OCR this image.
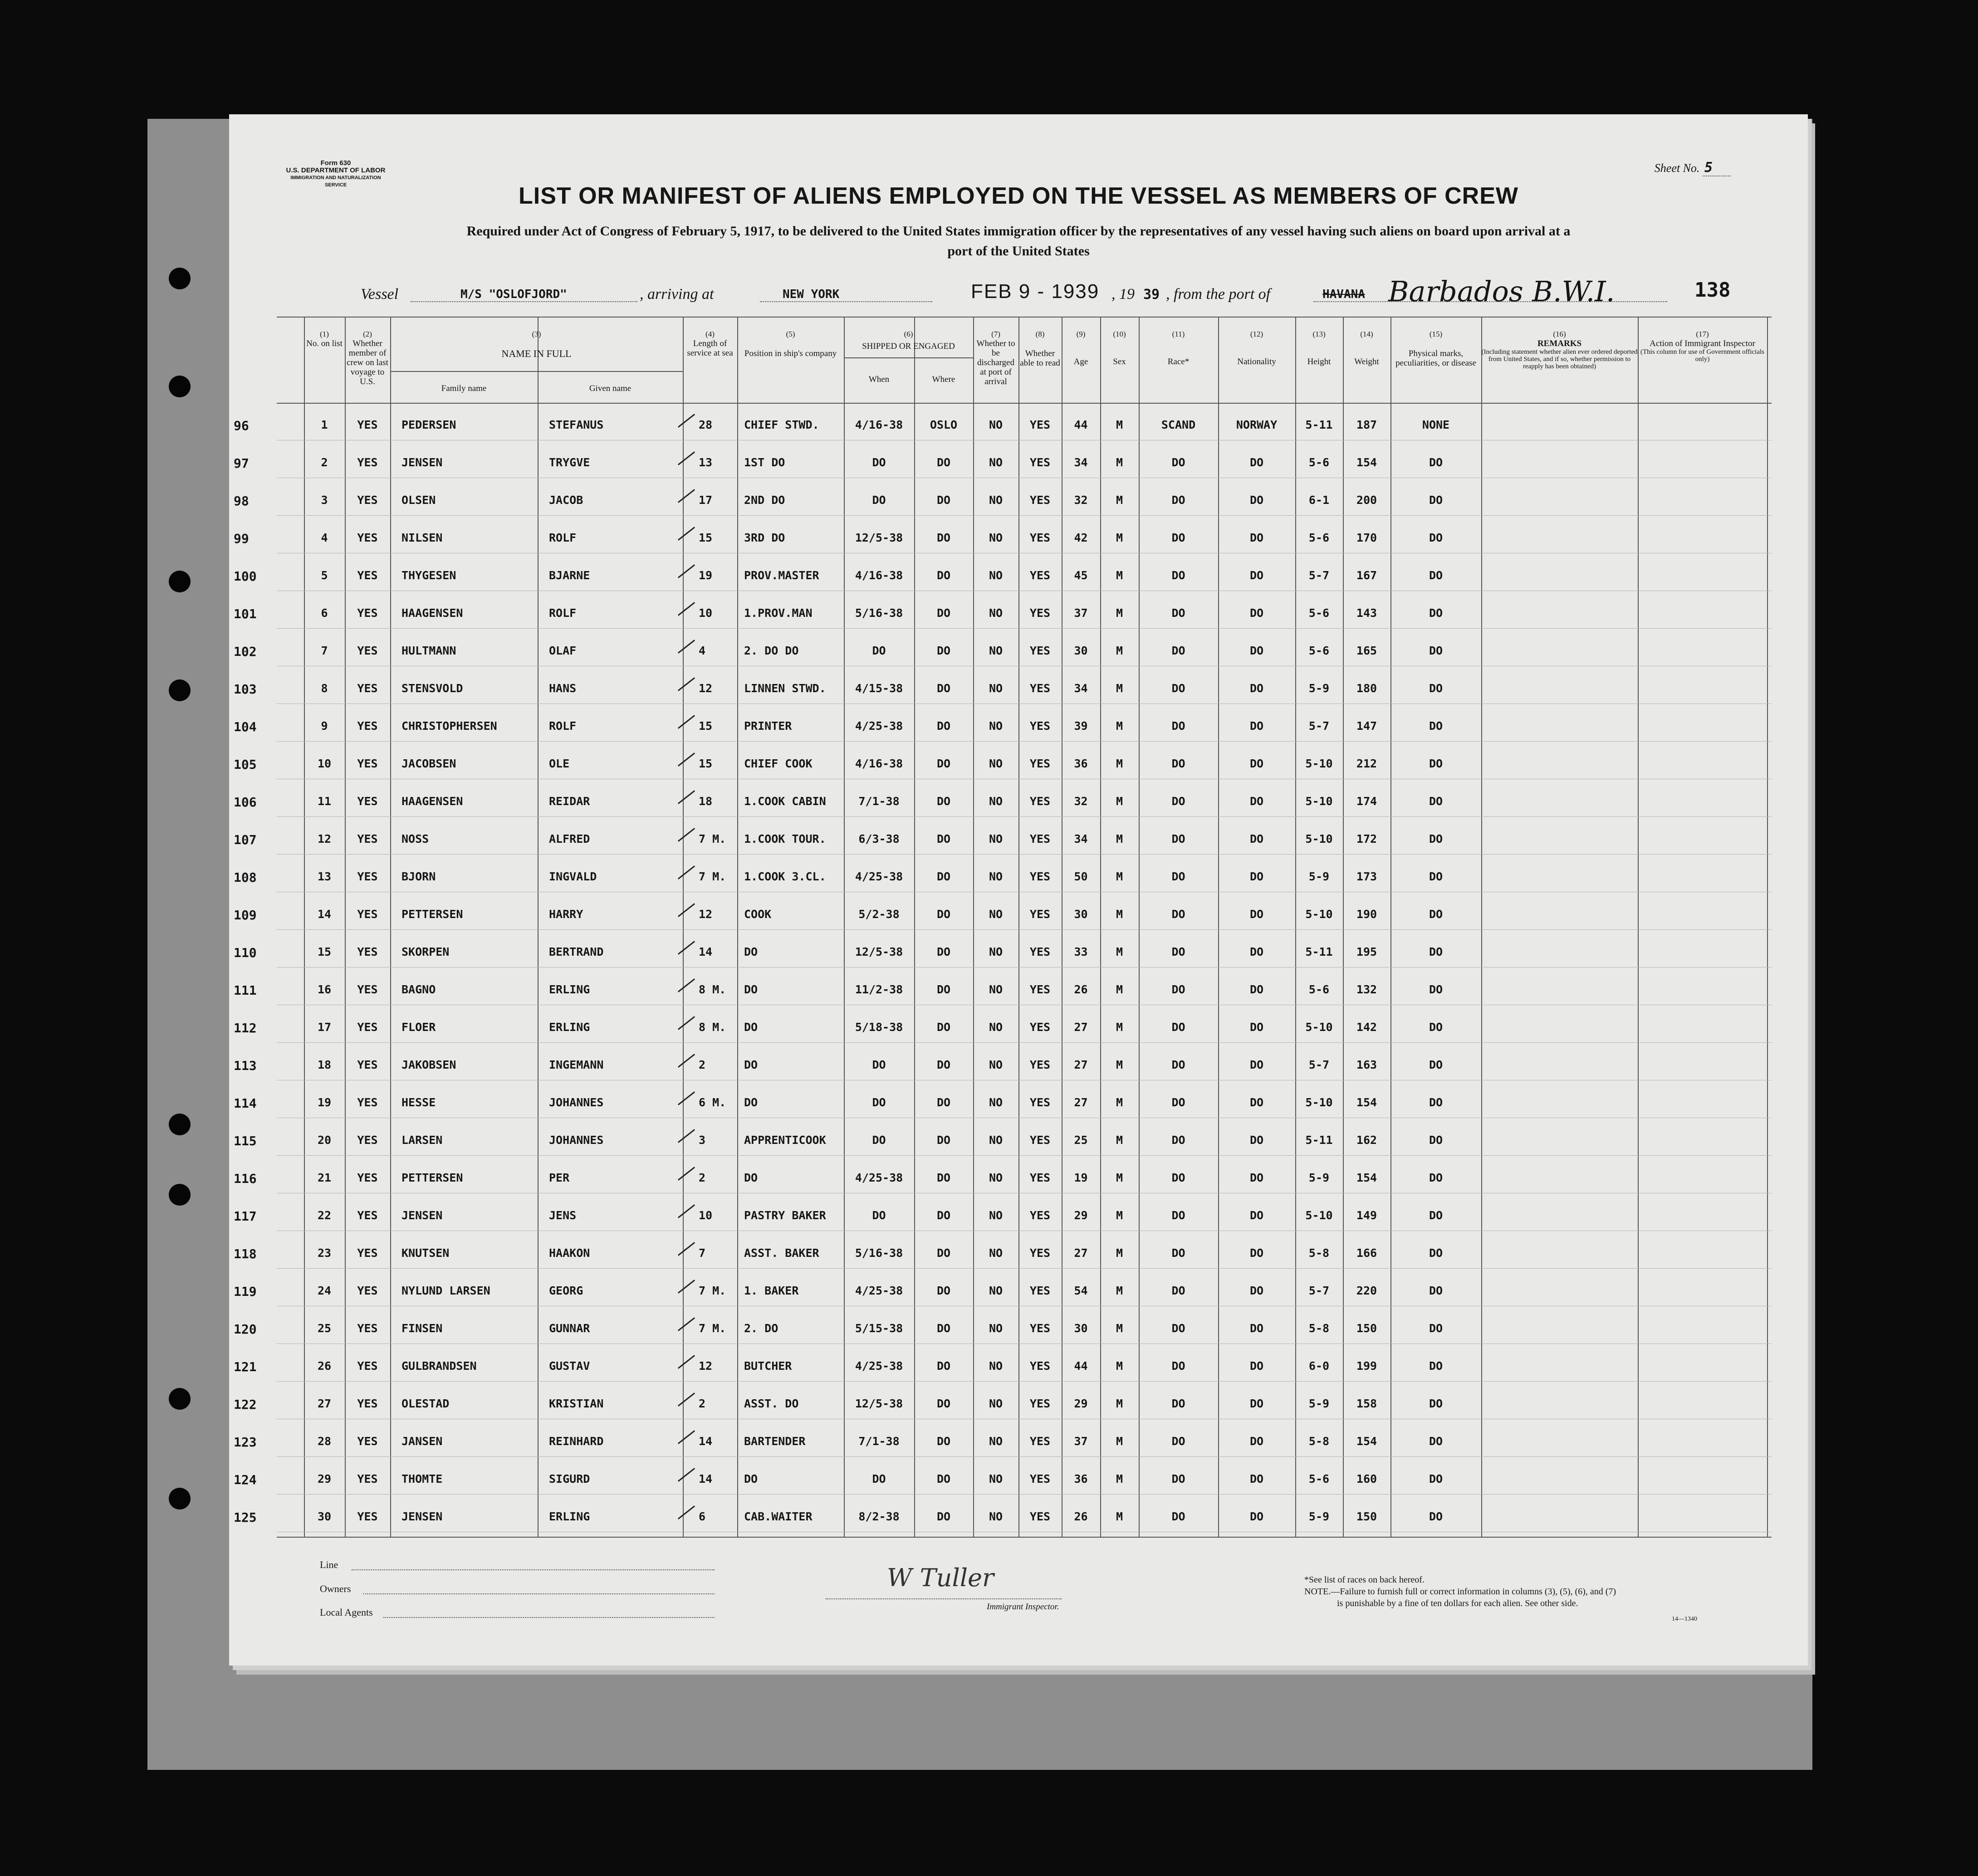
Form 630
U.S. DEPARTMENT OF LABOR
IMMIGRATION AND NATURALIZATION SERVICE
Sheet No. 5
LIST OR MANIFEST OF ALIENS EMPLOYED ON THE VESSEL AS MEMBERS OF CREW
Required under Act of Congress of February 5, 1917, to be delivered to the United States immigration officer by the representatives of any vessel having such aliens on board upon arrival at a
port of the United States
Vessel	M/S "OSLOFJORD"	, arriving at	NEW YORK	FEB 9 - 1939 , 19 39 , from the port of	HAVANA Barbados B.W.I.	138
(1)
No. on list
(2)
Whether member of crew on last voyage to U.S.
(3)
NAME IN FULL
Family name	Given name
(4)
Length of service at sea
(5)
Position in ship's company
(6)
SHIPPED OR ENGAGED
When	Where
(7)
Whether to be discharged at port of arrival
(8)
Whether able to read
(9)
Age
(10)
Sex
(11)
Race*
(12)
Nationality
(13)
Height
(14)
Weight
(15)
Physical marks, peculiarities, or disease
(16)
REMARKS
(Including statement whether alien ever ordered deported from United States, and if so, whether permission to reapply has been obtained)
(17)
Action of Immigrant Inspector
(This column for use of Government officials only)
96	1	YES	PEDERSEN	STEFANUS	28	CHIEF STWD.	4/16-38	OSLO	NO	YES	44	M	SCAND	NORWAY	5-11	187	NONE
97	2	YES	JENSEN	TRYGVE	13	1ST DO	DO	DO	NO	YES	34	M	DO	DO	5-6	154	DO
98	3	YES	OLSEN	JACOB	17	2ND DO	DO	DO	NO	YES	32	M	DO	DO	6-1	200	DO
99	4	YES	NILSEN	ROLF	15	3RD DO	12/5-38	DO	NO	YES	42	M	DO	DO	5-6	170	DO
100	5	YES	THYGESEN	BJARNE	19	PROV.MASTER	4/16-38	DO	NO	YES	45	M	DO	DO	5-7	167	DO
101	6	YES	HAAGENSEN	ROLF	10	1.PROV.MAN	5/16-38	DO	NO	YES	37	M	DO	DO	5-6	143	DO
102	7	YES	HULTMANN	OLAF	4	2. DO DO	DO	DO	NO	YES	30	M	DO	DO	5-6	165	DO
103	8	YES	STENSVOLD	HANS	12	LINNEN STWD.	4/15-38	DO	NO	YES	34	M	DO	DO	5-9	180	DO
104	9	YES	CHRISTOPHERSEN	ROLF	15	PRINTER	4/25-38	DO	NO	YES	39	M	DO	DO	5-7	147	DO
105	10	YES	JACOBSEN	OLE	15	CHIEF COOK	4/16-38	DO	NO	YES	36	M	DO	DO	5-10	212	DO
106	11	YES	HAAGENSEN	REIDAR	18	1.COOK CABIN	7/1-38	DO	NO	YES	32	M	DO	DO	5-10	174	DO
107	12	YES	NOSS	ALFRED	7 M.	1.COOK TOUR.	6/3-38	DO	NO	YES	34	M	DO	DO	5-10	172	DO
108	13	YES	BJORN	INGVALD	7 M.	1.COOK 3.CL.	4/25-38	DO	NO	YES	50	M	DO	DO	5-9	173	DO
109	14	YES	PETTERSEN	HARRY	12	COOK	5/2-38	DO	NO	YES	30	M	DO	DO	5-10	190	DO
110	15	YES	SKORPEN	BERTRAND	14	DO	12/5-38	DO	NO	YES	33	M	DO	DO	5-11	195	DO
111	16	YES	BAGNO	ERLING	8 M.	DO	11/2-38	DO	NO	YES	26	M	DO	DO	5-6	132	DO
112	17	YES	FLOER	ERLING	8 M.	DO	5/18-38	DO	NO	YES	27	M	DO	DO	5-10	142	DO
113	18	YES	JAKOBSEN	INGEMANN	2	DO	DO	DO	NO	YES	27	M	DO	DO	5-7	163	DO
114	19	YES	HESSE	JOHANNES	6 M.	DO	DO	DO	NO	YES	27	M	DO	DO	5-10	154	DO
115	20	YES	LARSEN	JOHANNES	3	APPRENTICOOK	DO	DO	NO	YES	25	M	DO	DO	5-11	162	DO
116	21	YES	PETTERSEN	PER	2	DO	4/25-38	DO	NO	YES	19	M	DO	DO	5-9	154	DO
117	22	YES	JENSEN	JENS	10	PASTRY BAKER	DO	DO	NO	YES	29	M	DO	DO	5-10	149	DO
118	23	YES	KNUTSEN	HAAKON	7	ASST. BAKER	5/16-38	DO	NO	YES	27	M	DO	DO	5-8	166	DO
119	24	YES	NYLUND LARSEN	GEORG	7 M.	1. BAKER	4/25-38	DO	NO	YES	54	M	DO	DO	5-7	220	DO
120	25	YES	FINSEN	GUNNAR	7 M.	2. DO	5/15-38	DO	NO	YES	30	M	DO	DO	5-8	150	DO
121	26	YES	GULBRANDSEN	GUSTAV	12	BUTCHER	4/25-38	DO	NO	YES	44	M	DO	DO	6-0	199	DO
122	27	YES	OLESTAD	KRISTIAN	2	ASST. DO	12/5-38	DO	NO	YES	29	M	DO	DO	5-9	158	DO
123	28	YES	JANSEN	REINHARD	14	BARTENDER	7/1-38	DO	NO	YES	37	M	DO	DO	5-8	154	DO
124	29	YES	THOMTE	SIGURD	14	DO	DO	DO	NO	YES	36	M	DO	DO	5-6	160	DO
125	30	YES	JENSEN	ERLING	6	CAB.WAITER	8/2-38	DO	NO	YES	26	M	DO	DO	5-9	150	DO
Line
Owners
Local Agents
W Tuller
Immigrant Inspector.
*See list of races on back hereof.
NOTE.—Failure to furnish full or correct information in columns (3), (5), (6), and (7)
is punishable by a fine of ten dollars for each alien. See other side.
14—1340
